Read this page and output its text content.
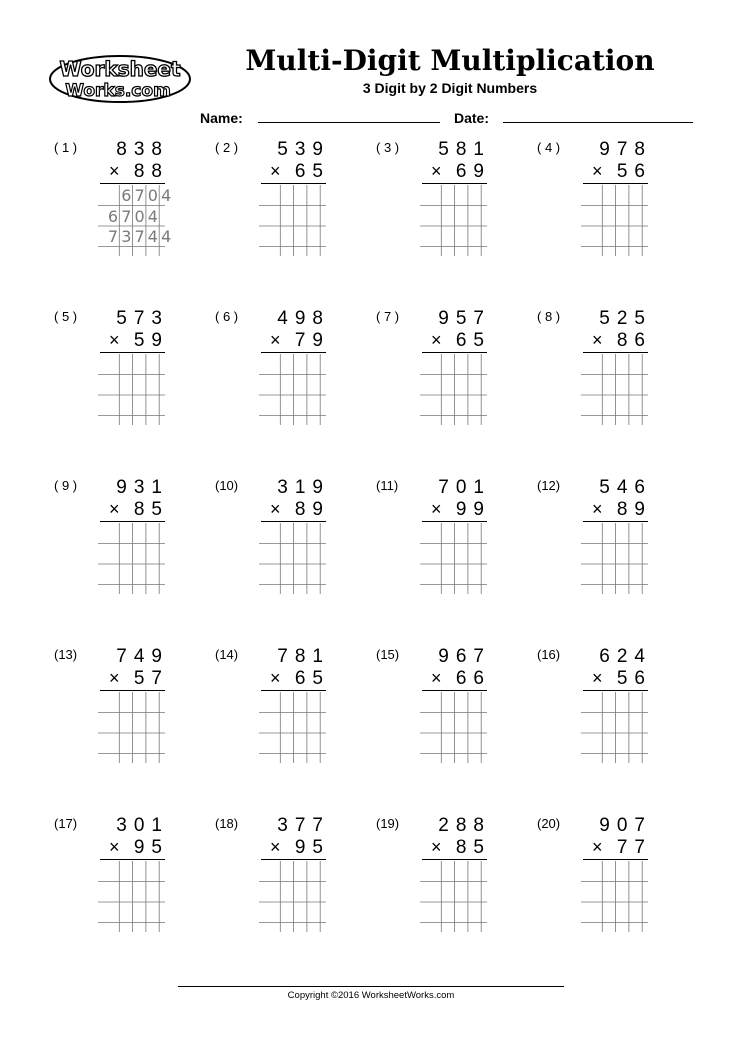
Worksheet
Works.com
Multi-Digit Multiplication
3 Digit by 2 Digit Numbers
Name:	Date:
( 1 )	838
× 88
6 7 0 4
6 7 0 4
7 3 7 4 4
( 2 )	539
× 65
( 3 )	581
× 69
( 4 )	978
× 56
( 5 )	573
× 59
( 6 )	498
× 79
( 7 )	957
× 65
( 8 )	525
× 86
( 9 )	931
× 85
(10)	319
× 89
(11)	701
× 99
(12)	546
× 89
(13)	749
× 57
(14)	781
× 65
(15)	967
× 66
(16)	624
× 56
(17)	301
× 95
(18)	377
× 95
(19)	288
× 85
(20)	907
× 77
Copyright ©2016 WorksheetWorks.com
